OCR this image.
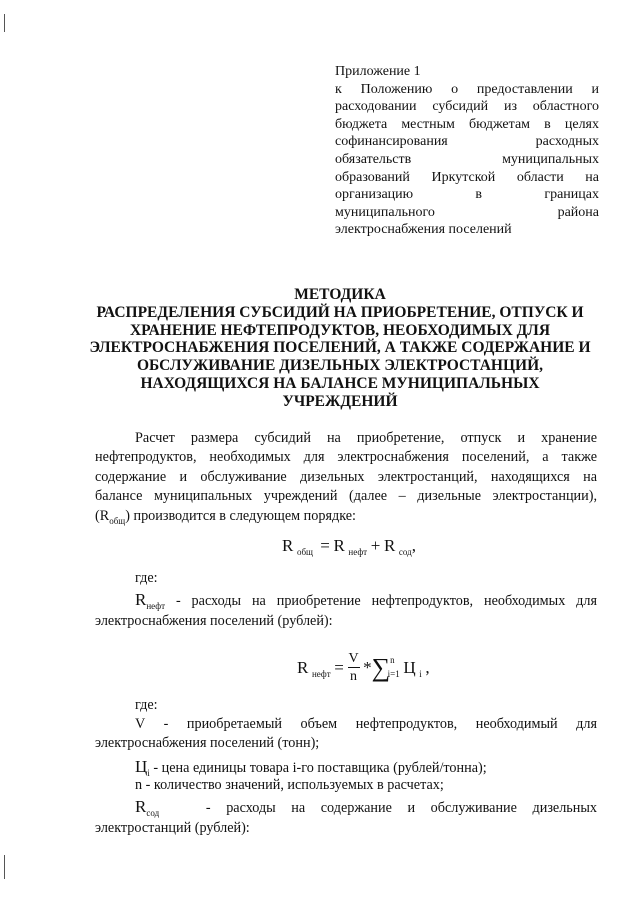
Приложение 1
к Положению о предоставлении и
расходовании субсидий из областного
бюджета местным бюджетам в целях
софинансирования расходных
обязательств муниципальных
образований Иркутской области на
организацию в границах
муниципального района
электроснабжения поселений
МЕТОДИКА
РАСПРЕДЕЛЕНИЯ СУБСИДИЙ НА ПРИОБРЕТЕНИЕ, ОТПУСК И
ХРАНЕНИЕ НЕФТЕПРОДУКТОВ, НЕОБХОДИМЫХ ДЛЯ
ЭЛЕКТРОСНАБЖЕНИЯ ПОСЕЛЕНИЙ, А ТАКЖЕ СОДЕРЖАНИЕ И
ОБСЛУЖИВАНИЕ ДИЗЕЛЬНЫХ ЭЛЕКТРОСТАНЦИЙ,
НАХОДЯЩИХСЯ НА БАЛАНСЕ МУНИЦИПАЛЬНЫХ
УЧРЕЖДЕНИЙ
Расчет размера субсидий на приобретение, отпуск и хранение
нефтепродуктов, необходимых для электроснабжения поселений, а также
содержание и обслуживание дизельных электростанций, находящихся на
балансе муниципальных учреждений (далее – дизельные электростанции),
$(R_{общ})$ производится в следующем порядке:
R $_{общ}$ = R $_{нефт}$ + R $_{сод}$,
где:
$R_{нефт}$ - расходы на приобретение нефтепродуктов, необходимых для
электроснабжения поселений (рублей):
R $_{нефт} = \frac{V}{n} *\sum^n_{i=1}$ Ц $_i$ ,
где:
V - приобретаемый объем нефтепродуктов, необходимый для
электроснабжения поселений (тонн);
$Ц_i$ - цена единицы товара i-го поставщика (рублей/тонна);
n - количество значений, используемых в расчетах;
$R_{сод}$	- расходы на содержание и обслуживание дизельных
электростанций (рублей):
